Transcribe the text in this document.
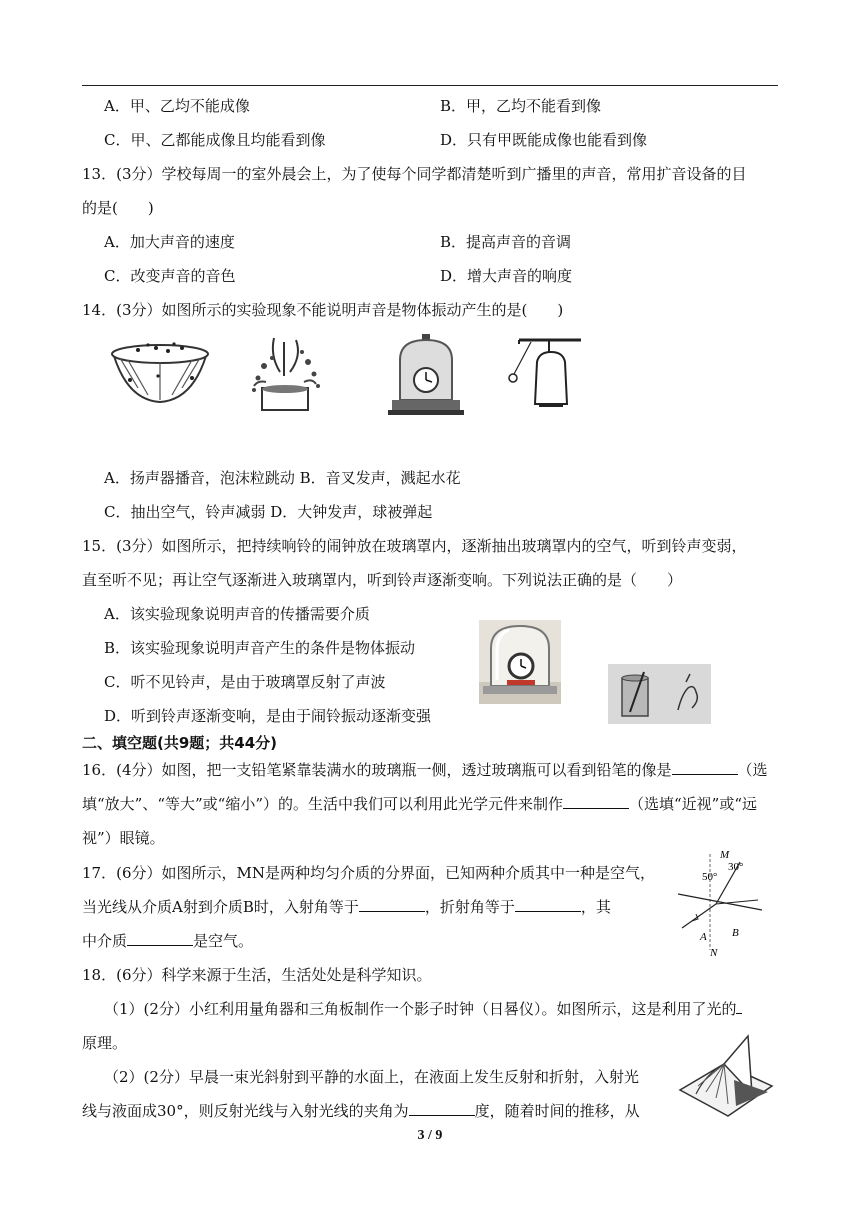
A．甲、乙均不能成像	B．甲，乙均不能看到像
C．甲、乙都能成像且均能看到像	D．只有甲既能成像也能看到像
13．(3分）学校每周一的室外晨会上，为了使每个同学都清楚听到广播里的声音，常用扩音设备的目
的是(　　)
A．加大声音的速度	B．提高声音的音调
C．改变声音的音色	D．增大声音的响度
14．(3分）如图所示的实验现象不能说明声音是物体振动产生的是(　　)
A．扬声器播音，泡沫粒跳动 B．音叉发声，溅起水花
C．抽出空气，铃声减弱 D．大钟发声，球被弹起
15．(3分）如图所示，把持续响铃的闹钟放在玻璃罩内，逐渐抽出玻璃罩内的空气，听到铃声变弱，
直至听不见；再让空气逐渐进入玻璃罩内，听到铃声逐渐变响。下列说法正确的是（　　）
A．该实验现象说明声音的传播需要介质
B．该实验现象说明声音产生的条件是物体振动
C．听不见铃声，是由于玻璃罩反射了声波
D．听到铃声逐渐变响，是由于闹铃振动逐渐变强
二、填空题(共9题；共44分)
16．(4分）如图，把一支铅笔紧靠装满水的玻璃瓶一侧，透过玻璃瓶可以看到铅笔的像是	（选
填“放大”、“等大”或“缩小”）的。生活中我们可以利用此光学元件来制作	（选填“近视”或“远
视”）眼镜。
17．(6分）如图所示，MN是两种均匀介质的分界面，已知两种介质其中一种是空气，
当光线从介质A射到介质B时，入射角等于	，折射角等于	，其
中介质	是空气。
M
N
A B
50°
30°
18．(6分）科学来源于生活，生活处处是科学知识。
（1）(2分）小红利用量角器和三角板制作一个影子时钟（日晷仪）。如图所示，这是利用了光的
原理。
（2）(2分）早晨一束光斜射到平静的水面上，在液面上发生反射和折射，入射光
线与液面成30°，则反射光线与入射光线的夹角为	度，随着时间的推移，从
3 / 9
